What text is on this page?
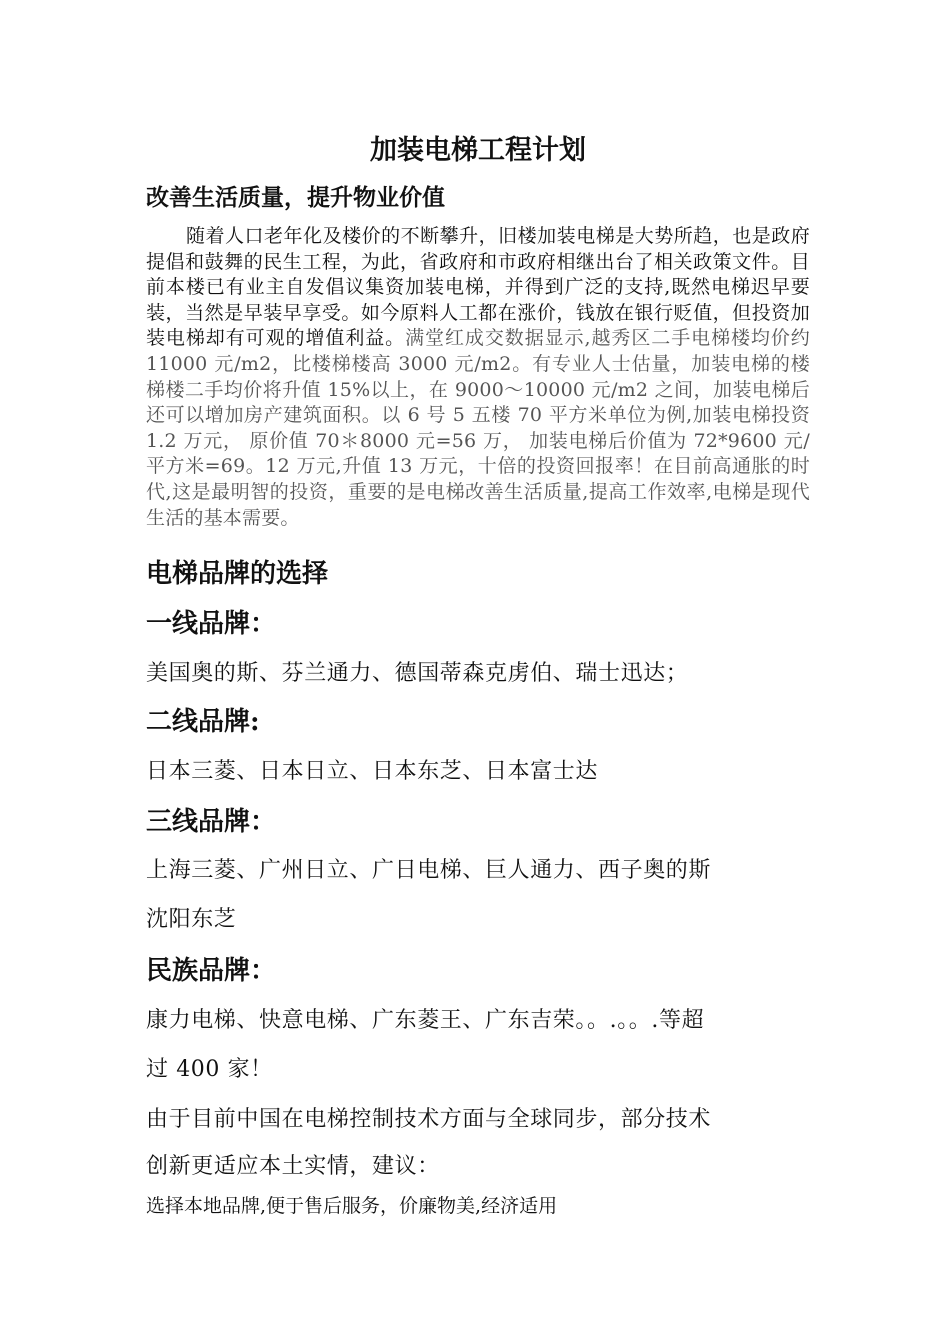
加装电梯工程计划
改善生活质量，提升物业价值

随着人口老年化及楼价的不断攀升，旧楼加装电梯是大势所趋，也是政府提倡和鼓舞的民生工程，为此，省政府和市政府相继出台了相关政策文件。目前本楼已有业主自发倡议集资加装电梯，并得到广泛的支持,既然电梯迟早要装，当然是早装早享受。如今原料人工都在涨价，钱放在银行贬值，但投资加装电梯却有可观的增值利益。满堂红成交数据显示,越秀区二手电梯楼均价约 11000 元/m2，比楼梯楼高 3000 元/m2。有专业人士估量，加装电梯的楼梯楼二手均价将升值 15%以上，在 9000～10000 元/m2 之间，加装电梯后还可以增加房产建筑面积。以 6 号 5 五楼 70 平方米单位为例,加装电梯投资 1.2 万元， 原价值 70＊8000 元=56 万， 加装电梯后价值为 72*9600 元/平方米=69。12 万元,升值 13 万元，十倍的投资回报率！在目前高通胀的时代,这是最明智的投资，重要的是电梯改善生活质量,提高工作效率,电梯是现代生活的基本需要。

电梯品牌的选择
一线品牌：

美国奥的斯、芬兰通力、德国蒂森克虏伯、瑞士迅达；

二线品牌:

日本三菱、日本日立、日本东芝、日本富士达

三线品牌：

上海三菱、广州日立、广日电梯、巨人通力、西子奥的斯

沈阳东芝

民族品牌：

康力电梯、快意电梯、广东菱王、广东吉荣。。.。。.等超

过 400 家！

由于目前中国在电梯控制技术方面与全球同步，部分技术

创新更适应本土实情，建议：

选择本地品牌,便于售后服务，价廉物美,经济适用
